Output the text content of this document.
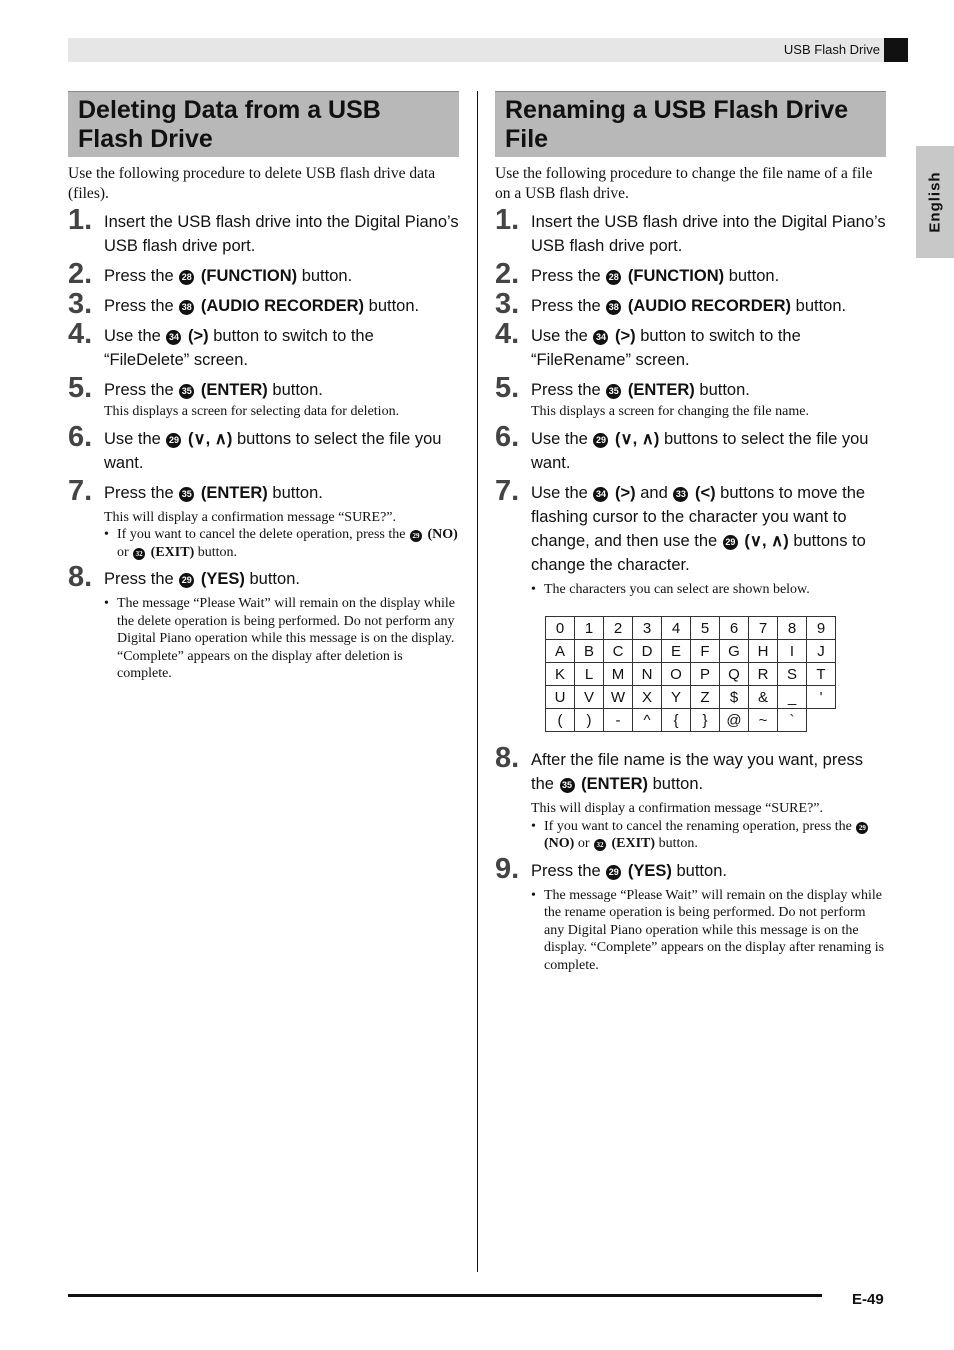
USB Flash Drive
English
Deleting Data from a USB Flash Drive
Use the following procedure to delete USB flash drive data (files).
1. Insert the USB flash drive into the Digital Piano’s USB flash drive port.
2. Press the 28 (FUNCTION) button.
3. Press the 38 (AUDIO RECORDER) button.
4. Use the 34 (>) button to switch to the “FileDelete” screen.
5. Press the 35 (ENTER) button.
This displays a screen for selecting data for deletion.
6. Use the 29 (∨, ∧) buttons to select the file you want.
7. Press the 35 (ENTER) button.
This will display a confirmation message “SURE?”.
• If you want to cancel the delete operation, press the 29 (NO) or 32 (EXIT) button.
8. Press the 29 (YES) button.
• The message “Please Wait” will remain on the display while the delete operation is being performed. Do not perform any Digital Piano operation while this message is on the display. “Complete” appears on the display after deletion is complete.
Renaming a USB Flash Drive File
Use the following procedure to change the file name of a file on a USB flash drive.
1. Insert the USB flash drive into the Digital Piano’s USB flash drive port.
2. Press the 28 (FUNCTION) button.
3. Press the 38 (AUDIO RECORDER) button.
4. Use the 34 (>) button to switch to the “FileRename” screen.
5. Press the 35 (ENTER) button.
This displays a screen for changing the file name.
6. Use the 29 (∨, ∧) buttons to select the file you want.
7. Use the 34 (>) and 33 (<) buttons to move the flashing cursor to the character you want to change, and then use the 29 (∨, ∧) buttons to change the character.
• The characters you can select are shown below.
0	1	2	3	4	5	6	7	8	9
A	B	C	D	E	F	G	H	I	J
K	L	M	N	O	P	Q	R	S	T
U	V	W	X	Y	Z	$	&	_	'
(	)	-	^	{	}	@	~	`	
8. After the file name is the way you want, press the 35 (ENTER) button.
This will display a confirmation message “SURE?”.
• If you want to cancel the renaming operation, press the 29 (NO) or 32 (EXIT) button.
9. Press the 29 (YES) button.
• The message “Please Wait” will remain on the display while the rename operation is being performed. Do not perform any Digital Piano operation while this message is on the display. “Complete” appears on the display after renaming is complete.
E-49
